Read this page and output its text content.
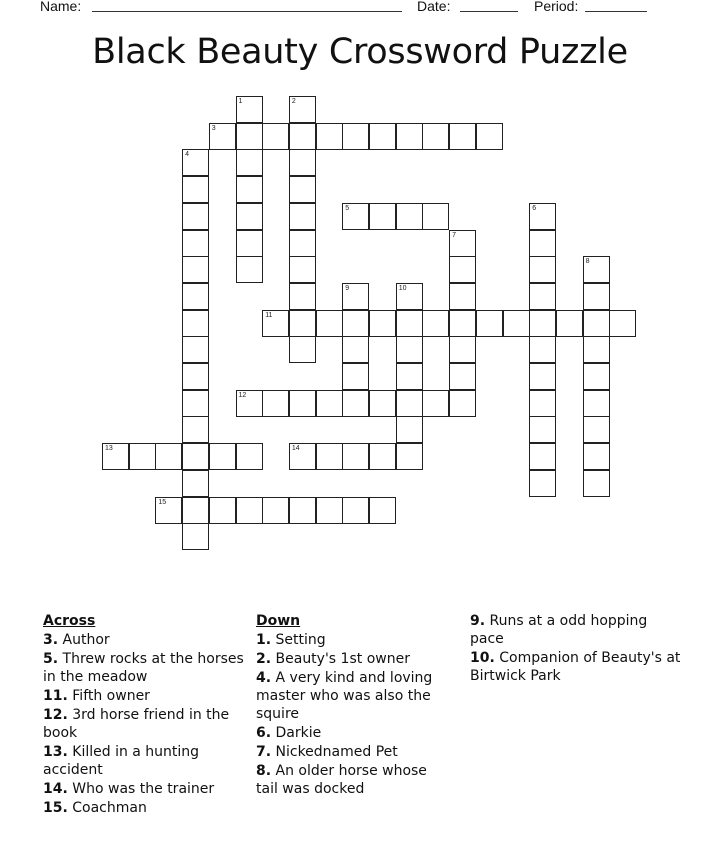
Name:	Date:	Period:
Black Beauty Crossword Puzzle
1	2
3
4
5	6
7
8
9	10
11
12
13	14
15
Across
3. Author
5. Threw rocks at the horses in the meadow
11. Fifth owner
12. 3rd horse friend in the book
13. Killed in a hunting accident
14. Who was the trainer
15. Coachman
Down
1. Setting
2. Beauty's 1st owner
4. A very kind and loving master who was also the squire
6. Darkie
7. Nickednamed Pet
8. An older horse whose tail was docked
9. Runs at a odd hopping pace
10. Companion of Beauty's at Birtwick Park
